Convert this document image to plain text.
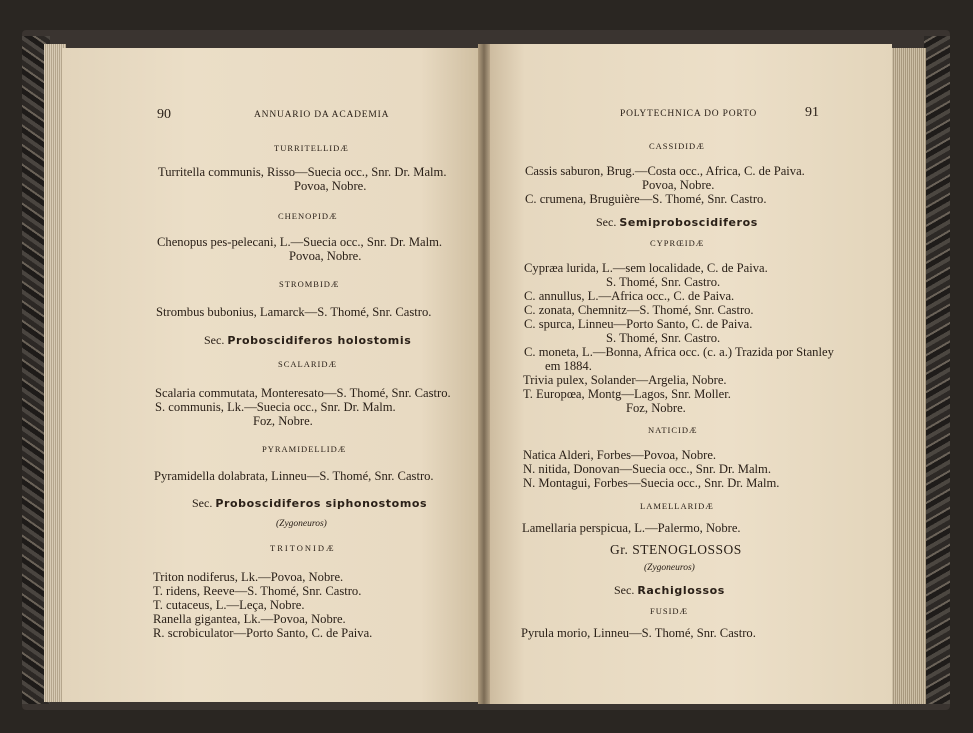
90	ANNUARIO DA ACADEMIA
TURRITELLIDÆ
Turritella communis, Risso—Suecia occ., Snr. Dr. Malm.
Povoa, Nobre.
CHENOPIDÆ
Chenopus pes-pelecani, L.—Suecia occ., Snr. Dr. Malm.
Povoa, Nobre.
STROMBIDÆ
Strombus bubonius, Lamarck—S. Thomé, Snr. Castro.
Sec. Proboscidiferos holostomis
SCALARIDÆ
Scalaria commutata, Monteresato—S. Thomé, Snr. Castro.
S. communis, Lk.—Suecia occ., Snr. Dr. Malm.
Foz, Nobre.
PYRAMIDELLIDÆ
Pyramidella dolabrata, Linneu—S. Thomé, Snr. Castro.
Sec. Proboscidiferos siphonostomos
(Zygoneuros)
TRITONIDÆ
Triton nodiferus, Lk.—Povoa, Nobre.
T. ridens, Reeve—S. Thomé, Snr. Castro.
T. cutaceus, L.—Leça, Nobre.
Ranella gigantea, Lk.—Povoa, Nobre.
R. scrobiculator—Porto Santo, C. de Paiva.
POLYTECHNICA DO PORTO	91
CASSIDIDÆ
Cassis saburon, Brug.—Costa occ., Africa, C. de Paiva.
Povoa, Nobre.
C. crumena, Bruguière—S. Thomé, Snr. Castro.
Sec. Semiproboscidiferos
CYPRŒIDÆ
Cypræa lurida, L.—sem localidade, C. de Paiva.
S. Thomé, Snr. Castro.
C. annullus, L.—Africa occ., C. de Paiva.
C. zonata, Chemnitz—S. Thomé, Snr. Castro.
C. spurca, Linneu—Porto Santo, C. de Paiva.
S. Thomé, Snr. Castro.
C. moneta, L.—Bonna, Africa occ. (c. a.) Trazida por Stanley
em 1884.
Trivia pulex, Solander—Argelia, Nobre.
T. Europœa, Montg—Lagos, Snr. Moller.
Foz, Nobre.
NATICIDÆ
Natica Alderi, Forbes—Povoa, Nobre.
N. nitida, Donovan—Suecia occ., Snr. Dr. Malm.
N. Montagui, Forbes—Suecia occ., Snr. Dr. Malm.
LAMELLARIDÆ
Lamellaria perspicua, L.—Palermo, Nobre.
Gr. STENOGLOSSOS
(Zygoneuros)
Sec. Rachiglossos
FUSIDÆ
Pyrula morio, Linneu—S. Thomé, Snr. Castro.
